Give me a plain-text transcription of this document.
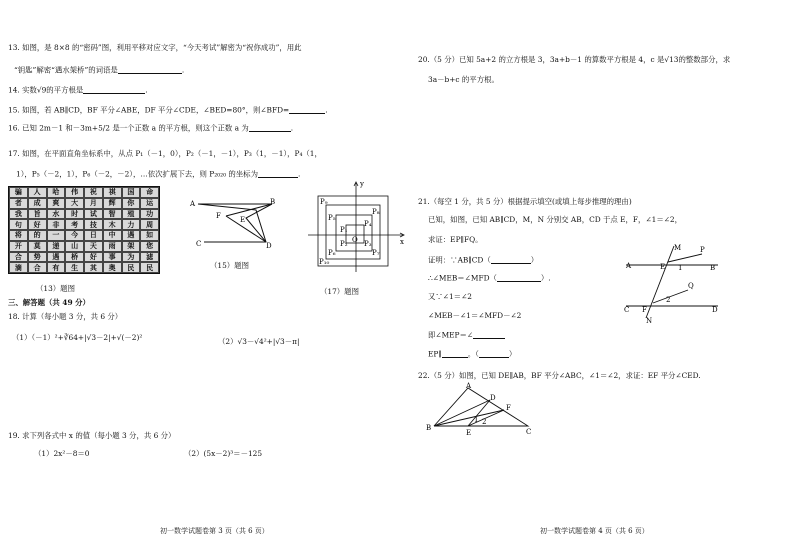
13. 如图，是 8×8 的“密码”图，利用平移对应文字，“今天考试”解密为“祝你成功”，用此
“钥匙”解密“遇水架桥”的词语是	.
14. 实数√9的平方根是	.
15. 如图，若 AB∥CD，BF 平分∠ABE，DF 平分∠CDE，∠BED=80°，则∠BFD=	.
16. 已知 2m－1 和－3m+5/2 是一个正数 a 的平方根，则这个正数 a 为	.
17. 如图，在平面直角坐标系中，从点 P₁（－1，0），P₂（－1，－1），P₃（1，－1），P₄（1，
1），P₅（－2，1），P₆（－2，－2），…依次扩展下去，则 P₂₀₂₀ 的坐标为	.
骗	人	哈	伟	祝	祺	国	命
者	成	爽	大	月	辉	你	运
我	旨	水	时	试	智	殖	功
句	好	非	考	技	木	力	周
将	的	一	今	日	中	遇	如
开	莫	递	山	天	雨	架	您
合	势	遇	桥	好	事	为	滤
滴	合	有	生	其	奥	民	民
（13）题图
A	B
C	D
E
F
（15）题图
y
x
O
P₁
P₂ P₃
P₄
P₅
P₆	P₇
P₈
P₉
P₁₀
（17）题图
三、解答题（共 49 分）
18. 计算（每小题 3 分，共 6 分）
（1）（－1）²+∛64+|√3－2|+√(－2)²	（2）√3－√4²+|√3－π|
19. 求下列各式中 x 的值（每小题 3 分，共 6 分）
（1）2x²－8＝0	（2）(5x－2)³＝－125
初一数学试题卷第 3 页（共 6 页）
20.（5 分）已知 5a+2 的立方根是 3，3a+b－1 的算数平方根是 4，c 是√13的整数部分，求
3a－b+c 的平方根。
21.（每空 1 分，共 5 分）根据提示填空(或填上每步推理的理由)
已知，如图，已知 AB∥CD，M，N 分别交 AB，CD 于点 E，F，∠1＝∠2，
求证：EP∥FQ。
证明：∵AB∥CD（	）
∴∠MEB＝∠MFD（	）.
又∵∠1＝∠2
∠MEB－∠1＝∠MFD－∠2
即∠MEP＝∠
EP∥	。（	）
M	P
A	E 1	B
Q
2
C F	D
N
22.（5 分）如图，已知 DE∥AB，BF 平分∠ABC，∠1＝∠2，求证：EF 平分∠CED.
A
D
F
B
E	C
1 2
初一数学试题卷第 4 页（共 6 页）
